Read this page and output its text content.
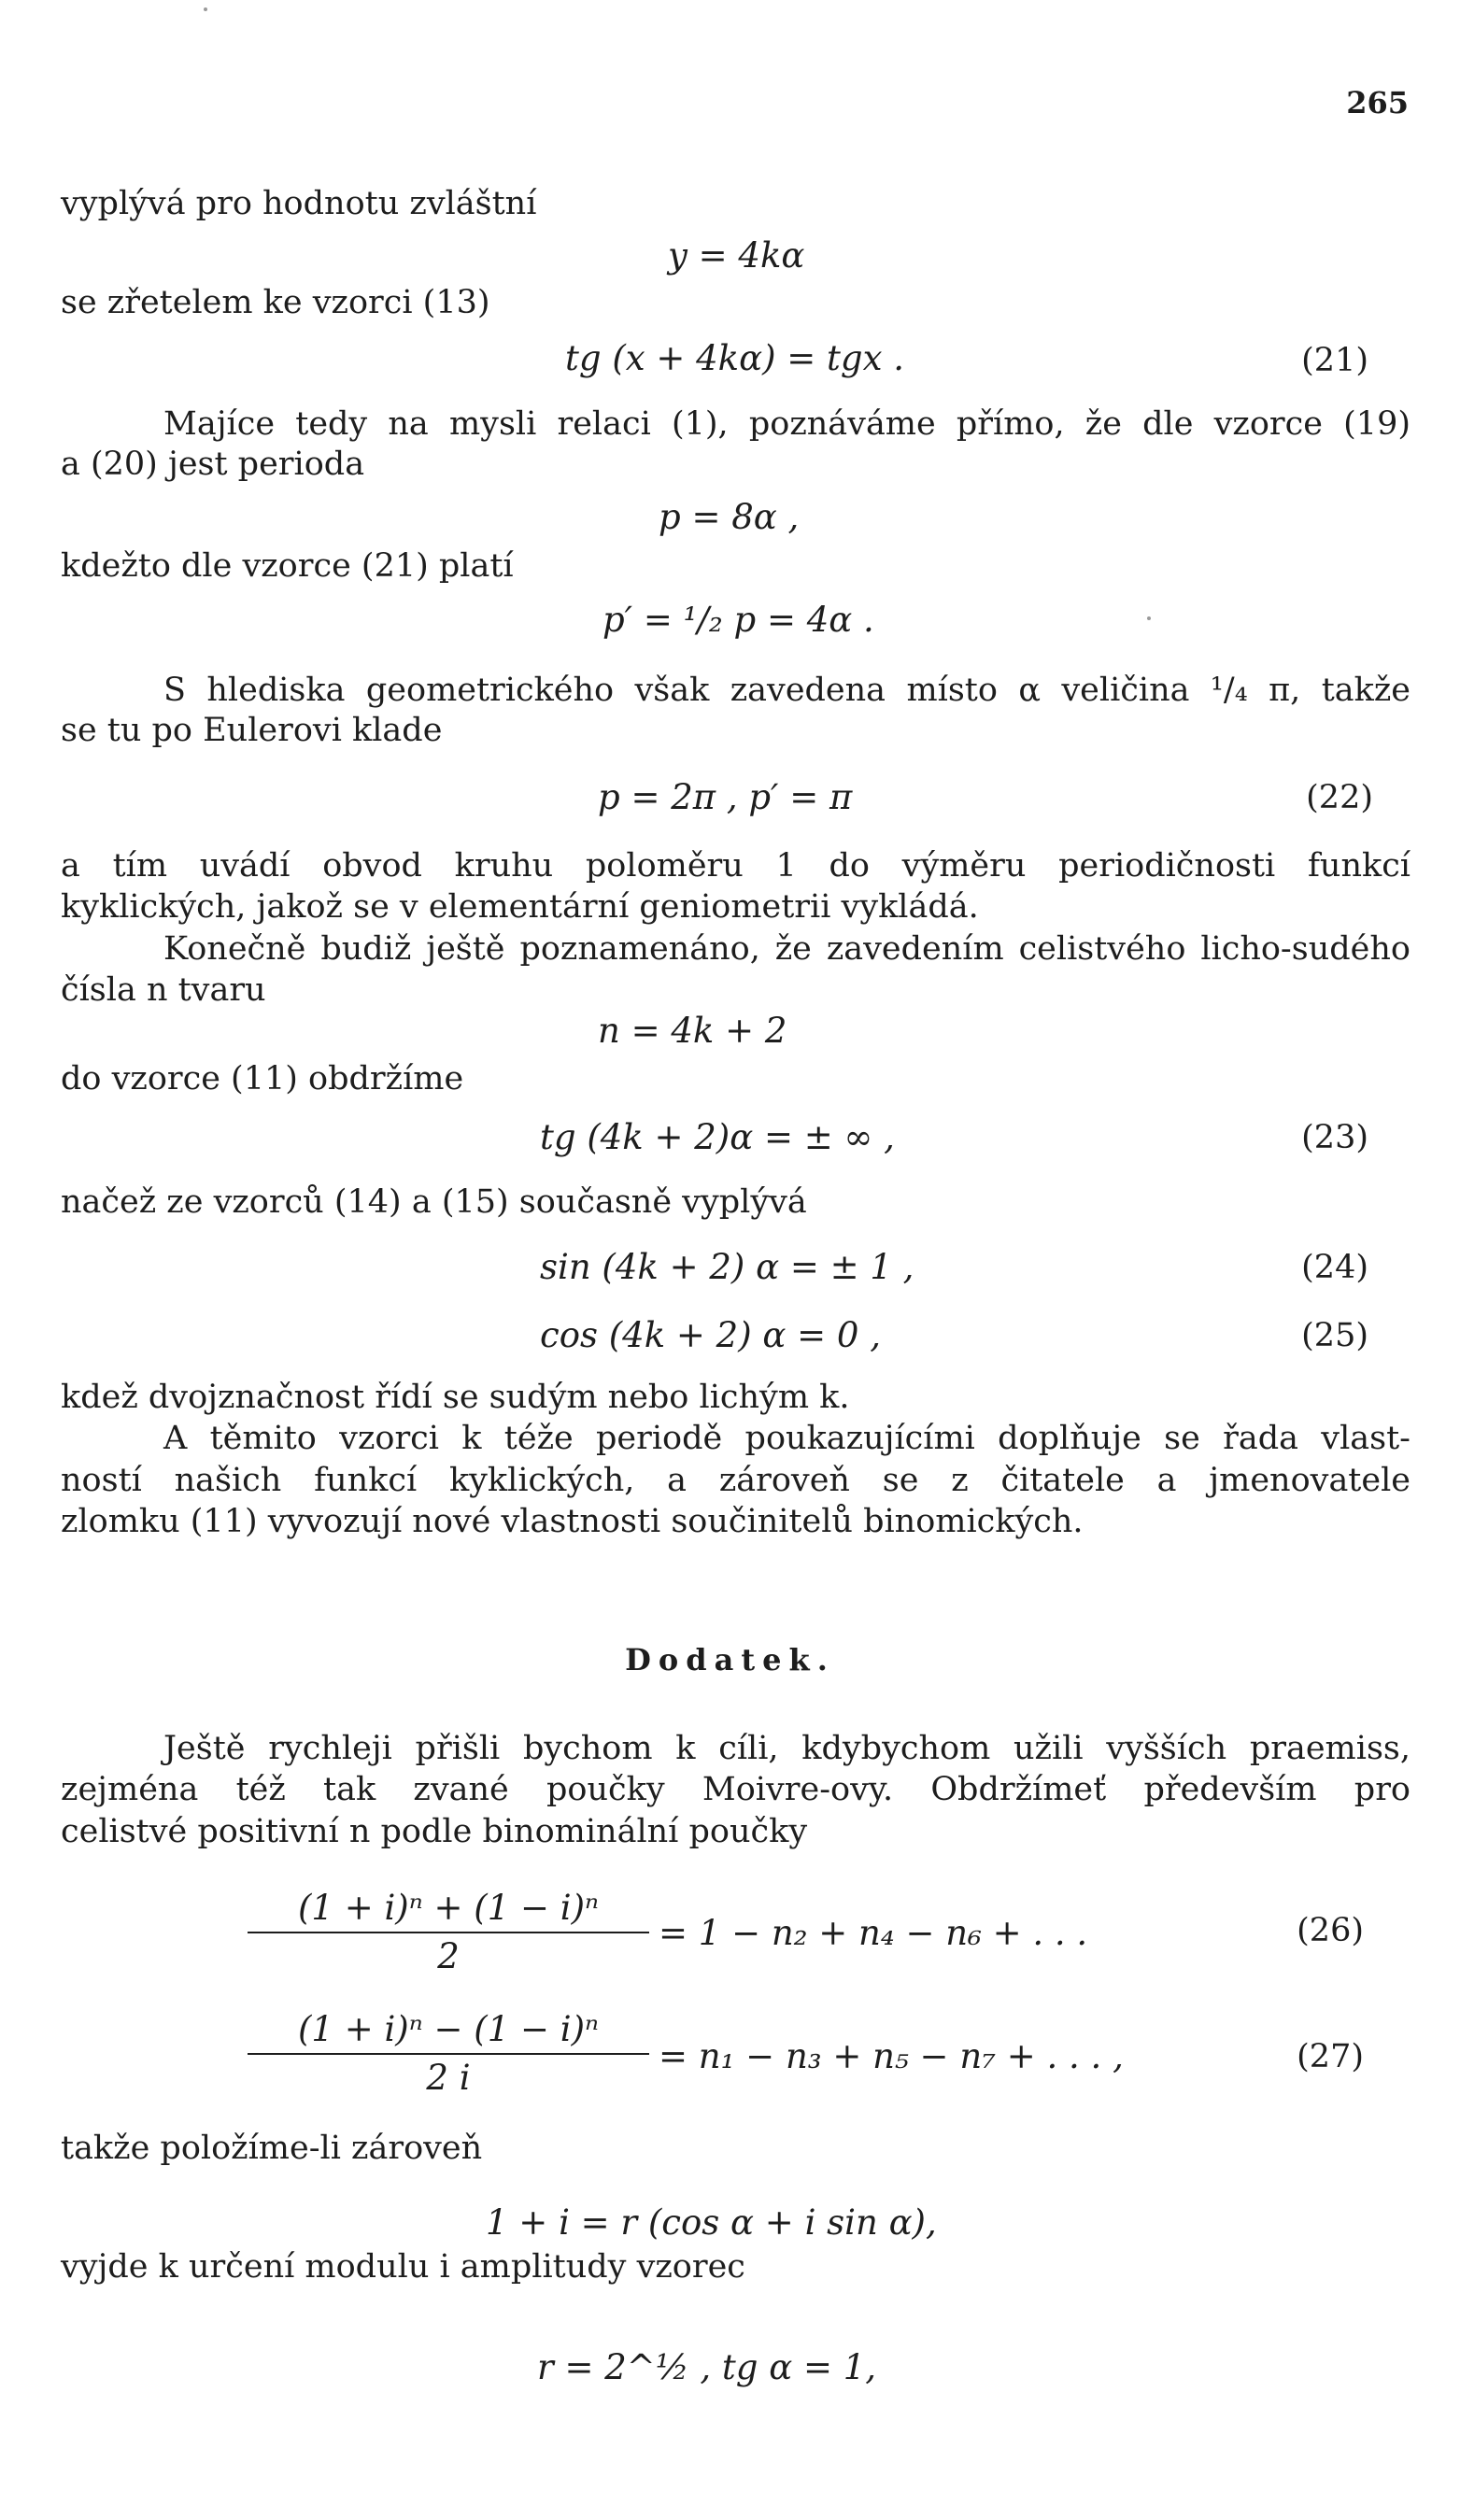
265
vyplývá pro hodnotu zvláštní
y = 4kα
se zřetelem ke vzorci (13)
tg (x + 4kα) = tgx .	(21)
Majíce tedy na mysli relaci (1), poznáváme přímo, že dle vzorce (19)
a (20) jest perioda
p = 8α ,
kdežto dle vzorce (21) platí
p′ = ¹/₂ p = 4α .
S hlediska geometrického však zavedena místo α veličina ¹/₄ π, takže
se tu po Eulerovi klade
p = 2π , p′ = π	(22)
a tím uvádí obvod kruhu poloměru 1 do výměru periodičnosti funkcí
kyklických, jakož se v elementární geniometrii vykládá.
Konečně budiž ještě poznamenáno, že zavedením celistvého licho-sudého
čísla n tvaru
n = 4k + 2
do vzorce (11) obdržíme
tg (4k + 2)α = ± ∞ ,	(23)
načež ze vzorců (14) a (15) současně vyplývá
sin (4k + 2) α = ± 1 ,	(24)
cos (4k + 2) α = 0 ,	(25)
kdež dvojznačnost řídí se sudým nebo lichým k.
A těmito vzorci k téže periodě poukazujícími doplňuje se řada vlast-
ností našich funkcí kyklických, a zároveň se z čitatele a jmenovatele
zlomku (11) vyvozují nové vlastnosti součinitelů binomických.
Dodatek.
Ještě rychleji přišli bychom k cíli, kdybychom užili vyšších praemiss,
zejména též tak zvané poučky Moivre-ovy. Obdržímeť především pro
celistvé positivní n podle binominální poučky
(1 + i)ⁿ + (1 − i)ⁿ
2
= 1 − n₂ + n₄ − n₆ + . . .	(26)
(1 + i)ⁿ − (1 − i)ⁿ
2 i
= n₁ − n₃ + n₅ − n₇ + . . . ,	(27)
takže položíme-li zároveň
1 + i = r (cos α + i sin α),
vyjde k určení modulu i amplitudy vzorec
r = 2^½ , tg α = 1,
